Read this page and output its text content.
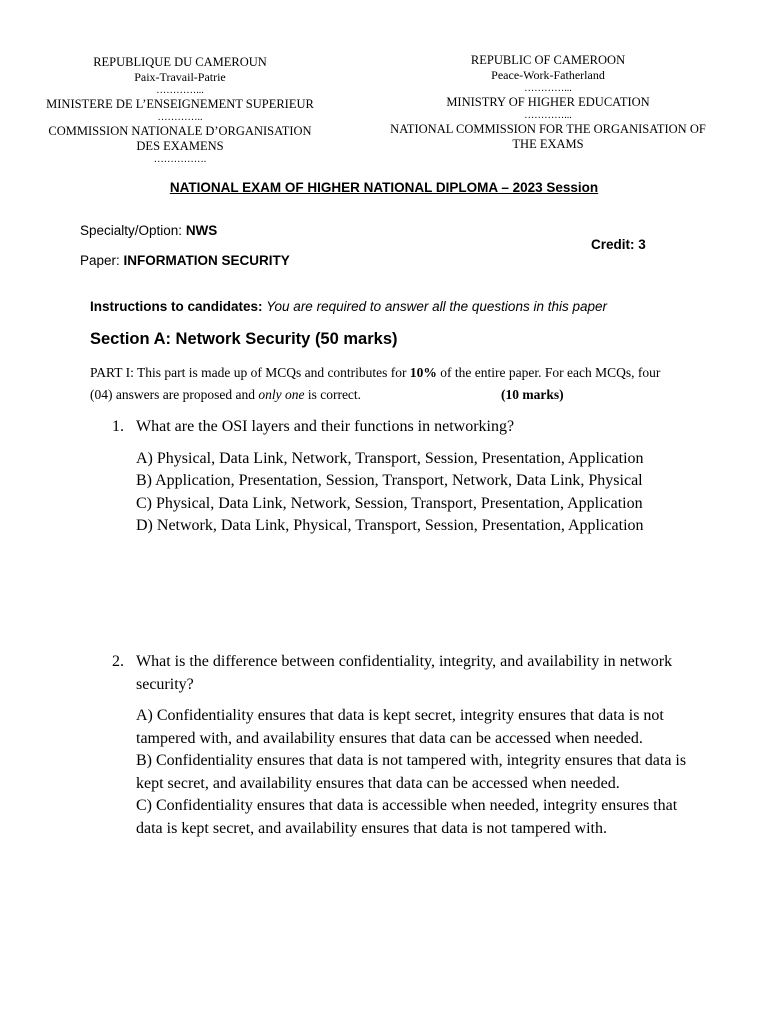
REPUBLIQUE DU CAMEROUN
Paix-Travail-Patrie
…………...
MINISTERE DE L’ENSEIGNEMENT SUPERIEUR
…………..
COMMISSION NATIONALE D’ORGANISATION DES EXAMENS
…………….
REPUBLIC OF CAMEROON
Peace-Work-Fatherland
…………...
MINISTRY OF HIGHER EDUCATION
…………...
NATIONAL COMMISSION FOR THE ORGANISATION OF THE EXAMS
NATIONAL EXAM OF HIGHER NATIONAL DIPLOMA – 2023 Session
Specialty/Option: NWS
Paper: INFORMATION SECURITY
Credit: 3
Instructions to candidates: You are required to answer all the questions in this paper
Section A: Network Security (50 marks)
PART I: This part is made up of MCQs and contributes for 10% of the entire paper. For each MCQs, four (04) answers are proposed and only one is correct.	(10 marks)
1. What are the OSI layers and their functions in networking?
A) Physical, Data Link, Network, Transport, Session, Presentation, Application
B) Application, Presentation, Session, Transport, Network, Data Link, Physical
C) Physical, Data Link, Network, Session, Transport, Presentation, Application
D) Network, Data Link, Physical, Transport, Session, Presentation, Application
2. What is the difference between confidentiality, integrity, and availability in network security?
A) Confidentiality ensures that data is kept secret, integrity ensures that data is not tampered with, and availability ensures that data can be accessed when needed.
B) Confidentiality ensures that data is not tampered with, integrity ensures that data is kept secret, and availability ensures that data can be accessed when needed.
C) Confidentiality ensures that data is accessible when needed, integrity ensures that data is kept secret, and availability ensures that data is not tampered with.
